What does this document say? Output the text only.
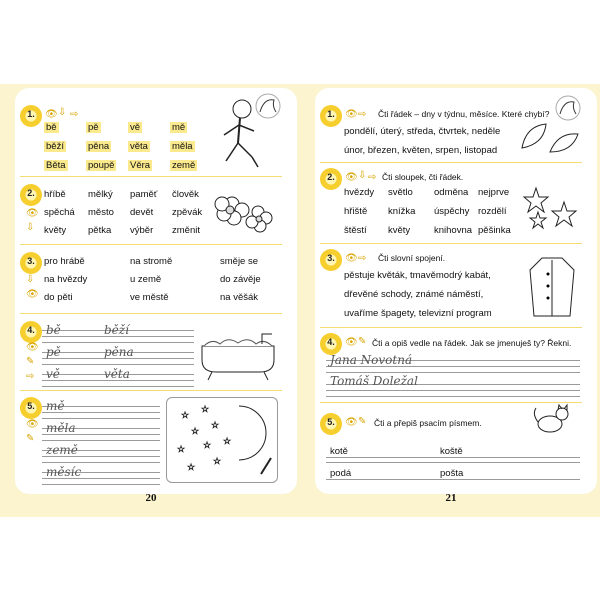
20
1.	👁 ⇩ ⇨
bě	pě	vě	mě
běží	pěna věta	měla
Běta poupě Věra země
2.
👁
⇩
hříbě mělký paměť člověk
spěchá město devět zpěvák
květy pětka výběr změnit
3.
⇩
👁
pro hrábě	na stromě	směje se
na hvězdy	u země	do závěje
do pěti	ve městě	na věšák
4.
👁
✎
⇨
bě	běží
pě	pěna
vě	věta
5.
👁
✎
mě
měla
země
měsíc
☆
☆
☆
☆
☆ ☆ ☆
☆
☆
21
1.	👁 ⇨ Čti řádek – dny v týdnu, měsíce. Které chybí?
pondělí, úterý, středa, čtvrtek, neděle
únor, březen, květen, srpen, listopad
2.	👁 ⇩ ⇨ Čti sloupek, čti řádek.
hvězdy světlo odměna nejprve
hřiště knížka úspěchy rozdělí
štěstí květy	knihovna pěšinka
3.	👁 ⇨ Čti slovní spojení.
pěstuje květák, tmavěmodrý kabát,
dřevěné schody, známé náměstí,
uvaříme špagety, televizní program
4.	👁 ✎ Čti a opiš vedle na řádek. Jak se jmenuješ ty? Řekni.
Jana Novotná
Tomáš Doležal
5.	👁 ✎ Čti a přepiš psacím písmem.
kotě	koště
podá	pošta
